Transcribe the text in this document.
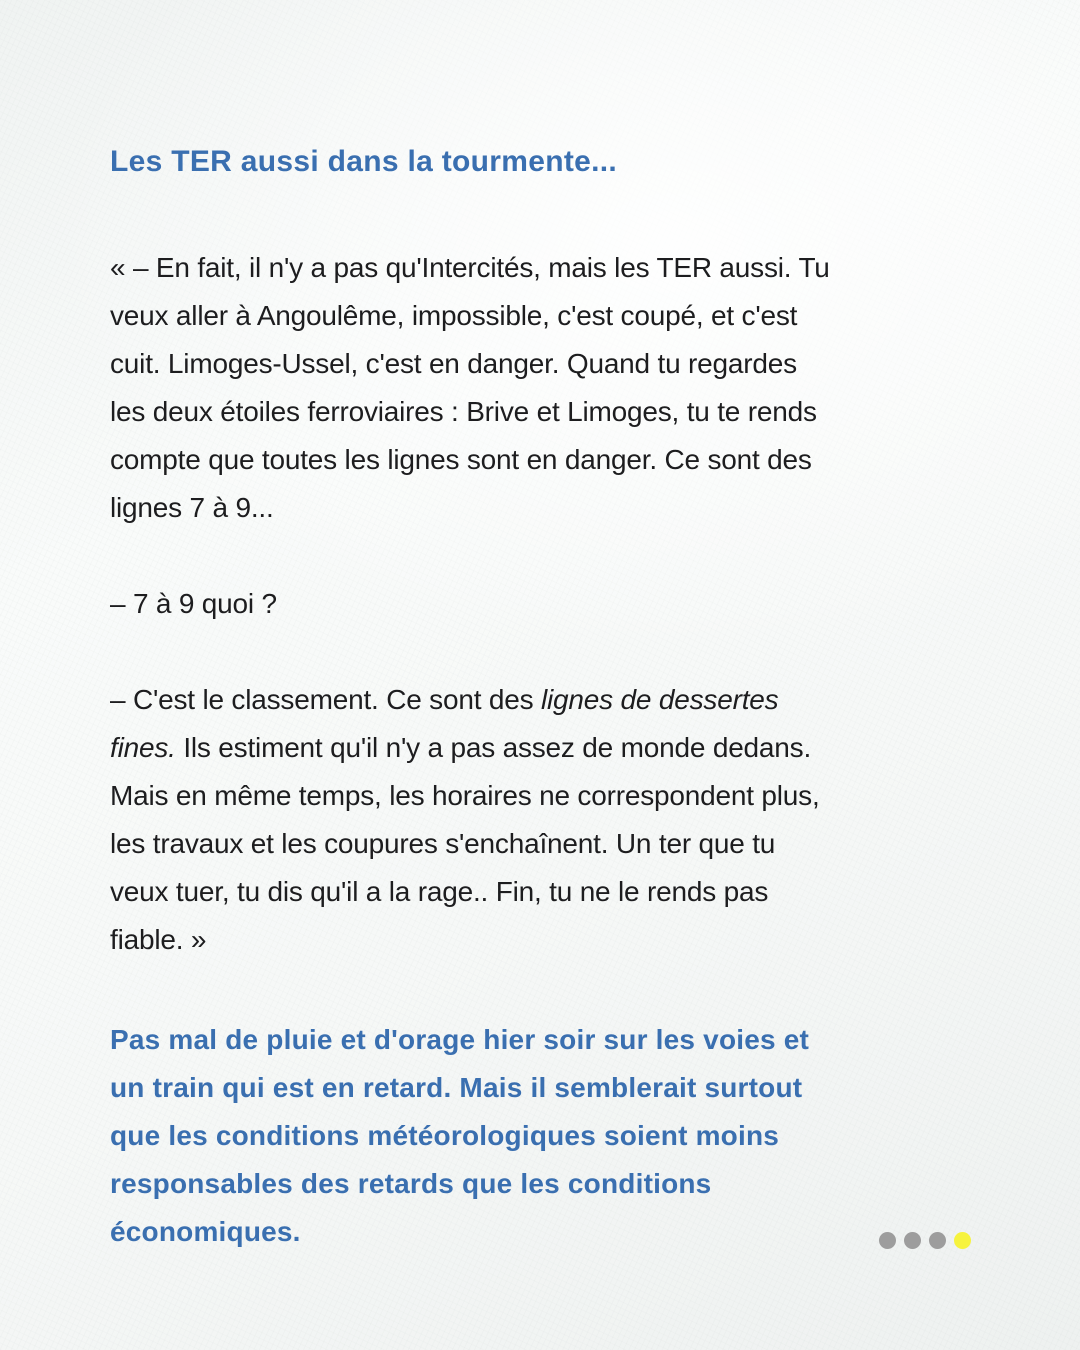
Les TER aussi dans la tourmente...

« – En fait, il n'y a pas qu'Intercités, mais les TER aussi. Tu
veux aller à Angoulême, impossible, c'est coupé, et c'est
cuit. Limoges-Ussel, c'est en danger. Quand tu regardes
les deux étoiles ferroviaires : Brive et Limoges, tu te rends
compte que toutes les lignes sont en danger. Ce sont des
lignes 7 à 9...

– 7 à 9 quoi ?

– C'est le classement. Ce sont des lignes de dessertes
fines. Ils estiment qu'il n'y a pas assez de monde dedans.
Mais en même temps, les horaires ne correspondent plus,
les travaux et les coupures s'enchaînent. Un ter que tu
veux tuer, tu dis qu'il a la rage.. Fin, tu ne le rends pas
fiable. »

Pas mal de pluie et d'orage hier soir sur les voies et
un train qui est en retard. Mais il semblerait surtout
que les conditions météorologiques soient moins
responsables des retards que les conditions
économiques.
